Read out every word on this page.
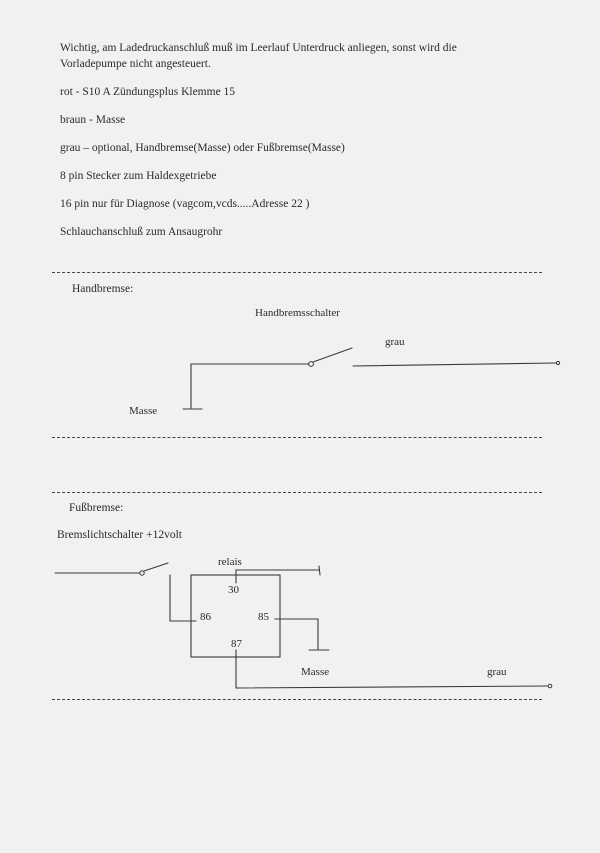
Wichtig, am Ladedruckanschluß muß im Leerlauf Unterdruck anliegen, sonst wird die
Vorladepumpe nicht angesteuert.
rot - S10 A Zündungsplus Klemme 15
braun - Masse
grau – optional, Handbremse(Masse) oder Fußbremse(Masse)
8 pin Stecker zum Haldexgetriebe
16 pin nur für Diagnose (vagcom,vcds.....Adresse 22 )
Schlauchanschluß zum Ansaugrohr
Handbremse:
Handbremsschalter
grau
Masse
Fußbremse:
Bremslichtschalter +12volt
relais
30
86	85
87
Masse	grau
